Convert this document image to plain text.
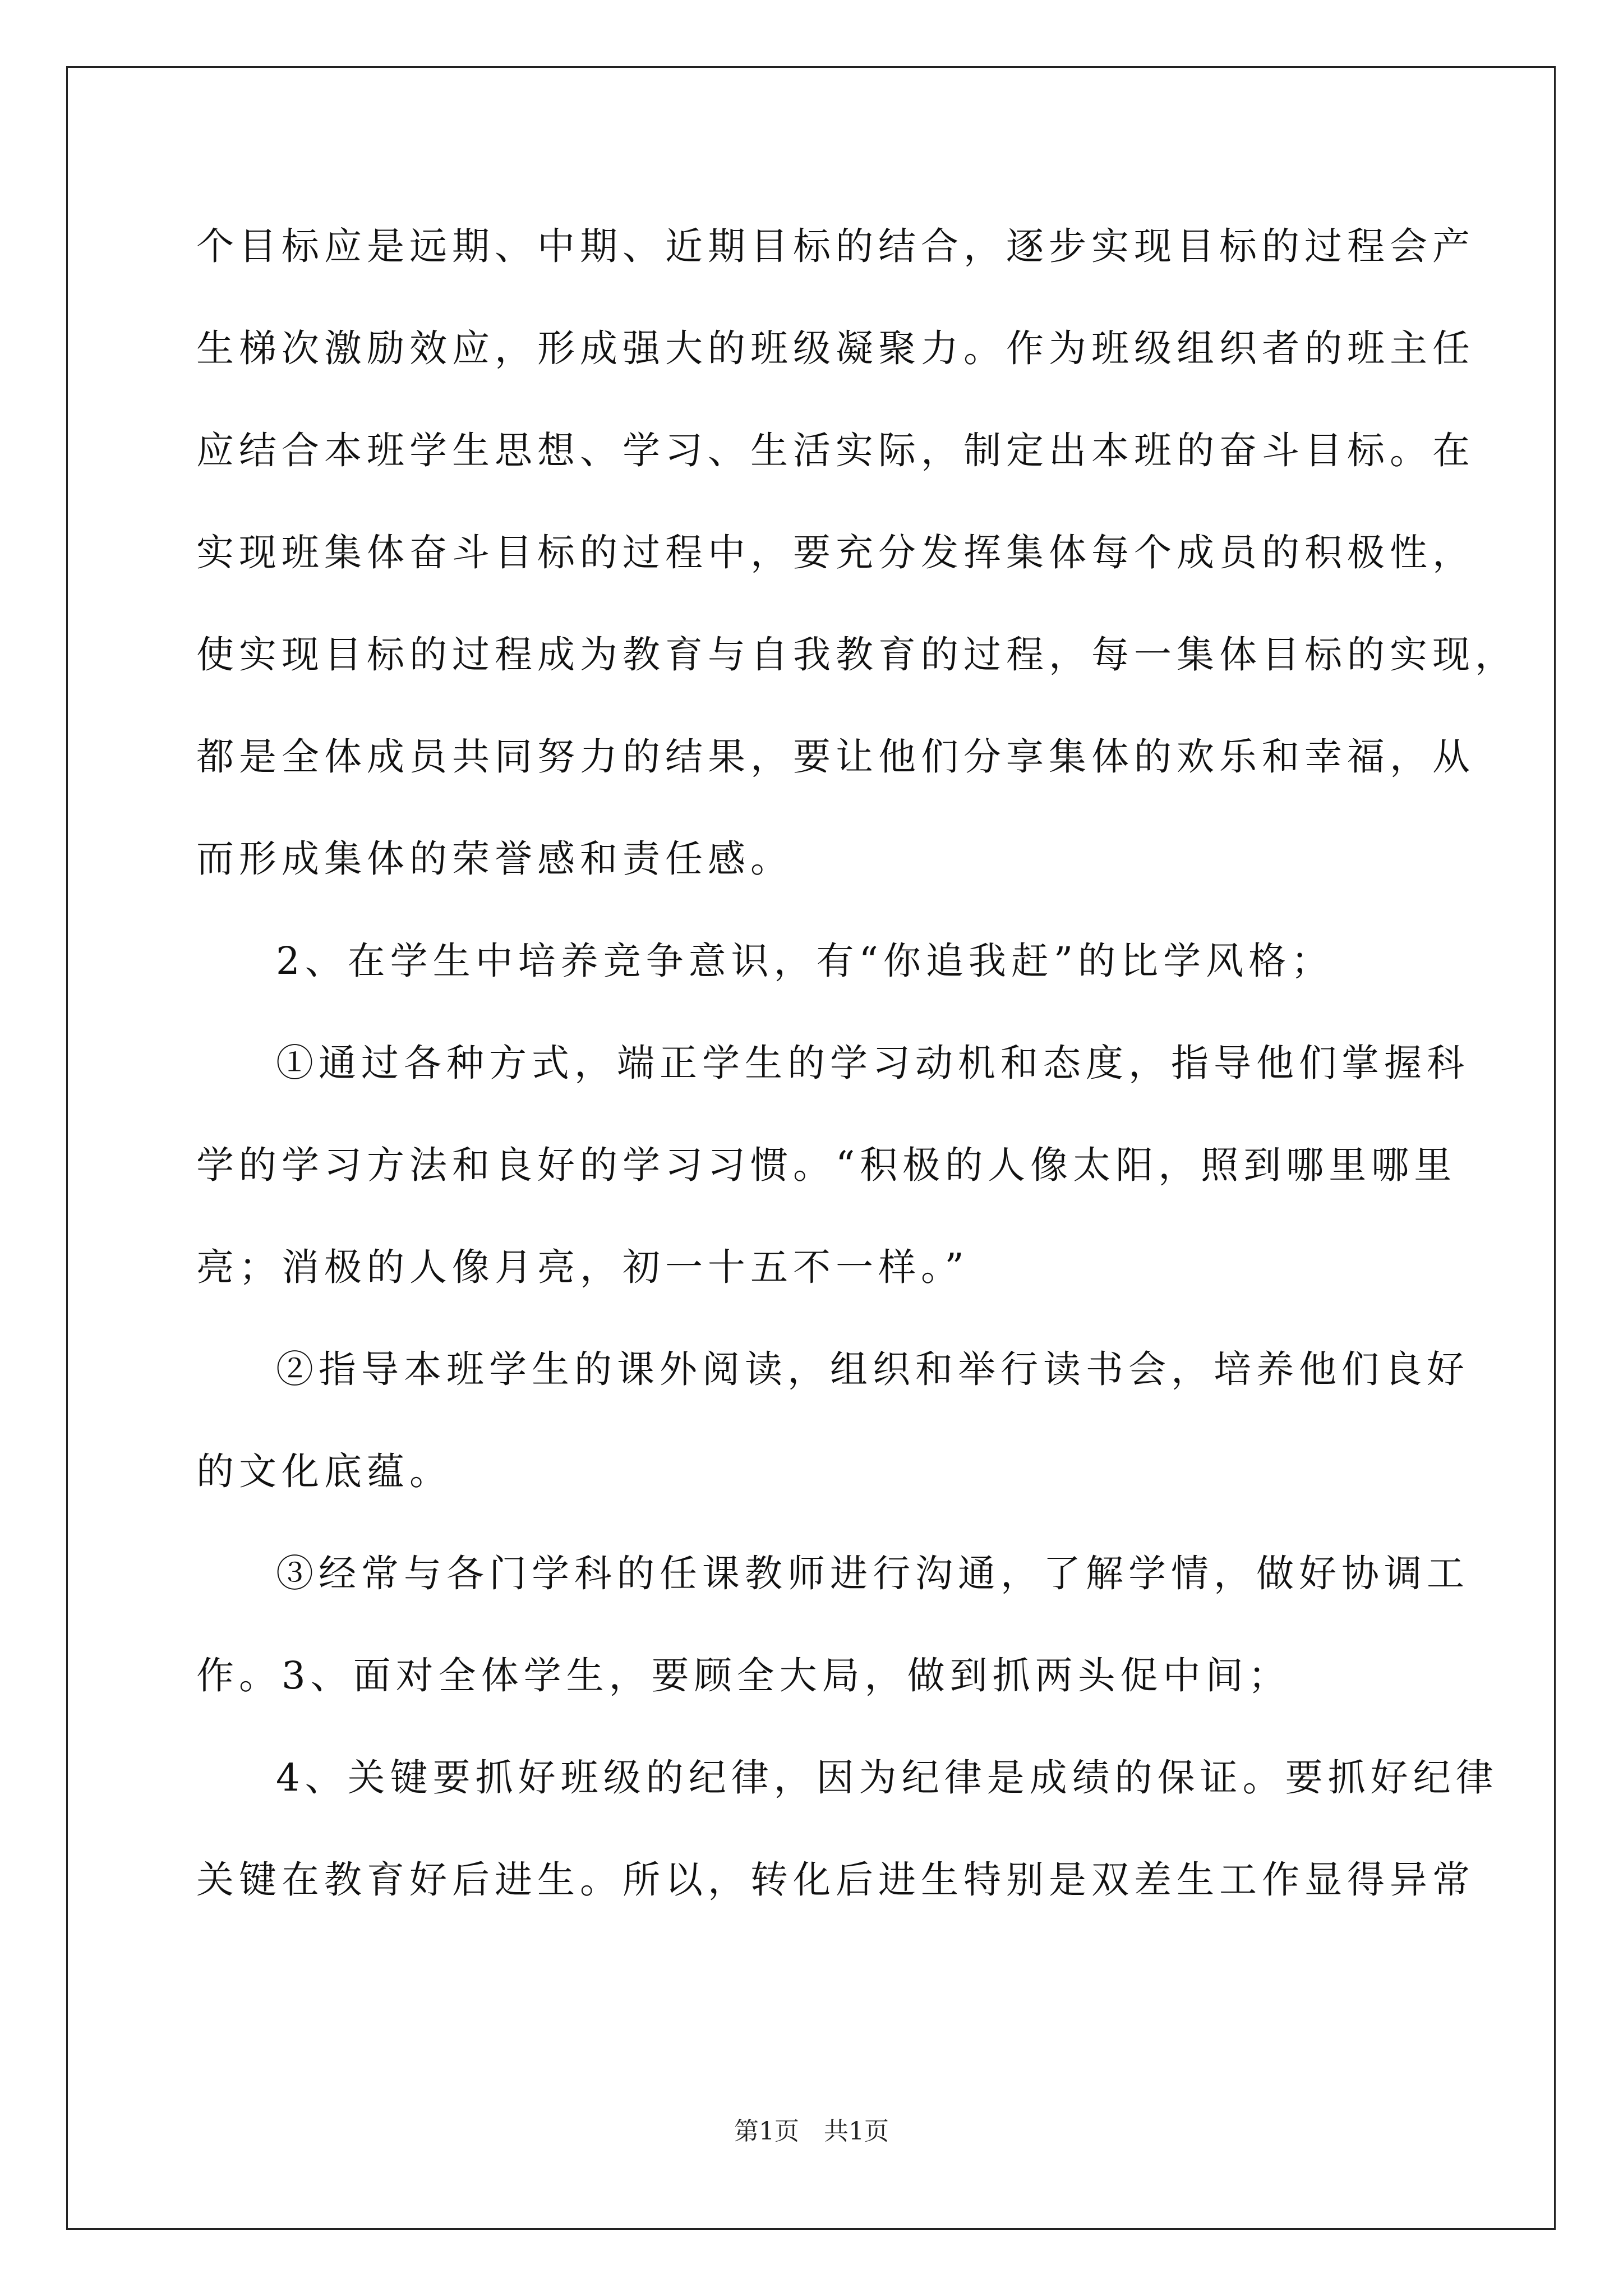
个目标应是远期、中期、近期目标的结合，逐步实现目标的过程会产
生梯次激励效应，形成强大的班级凝聚力。作为班级组织者的班主任
应结合本班学生思想、学习、生活实际，制定出本班的奋斗目标。在
实现班集体奋斗目标的过程中，要充分发挥集体每个成员的积极性，
使实现目标的过程成为教育与自我教育的过程，每一集体目标的实现，
都是全体成员共同努力的结果，要让他们分享集体的欢乐和幸福，从
而形成集体的荣誉感和责任感。
2、在学生中培养竞争意识，有“你追我赶”的比学风格；
①通过各种方式，端正学生的学习动机和态度，指导他们掌握科
学的学习方法和良好的学习习惯。“积极的人像太阳，照到哪里哪里
亮；消极的人像月亮，初一十五不一样。”
②指导本班学生的课外阅读，组织和举行读书会，培养他们良好
的文化底蕴。
③经常与各门学科的任课教师进行沟通，了解学情，做好协调工
作。3、面对全体学生，要顾全大局，做到抓两头促中间；
4、关键要抓好班级的纪律，因为纪律是成绩的保证。要抓好纪律
关键在教育好后进生。所以，转化后进生特别是双差生工作显得异常
第1页　共1页
